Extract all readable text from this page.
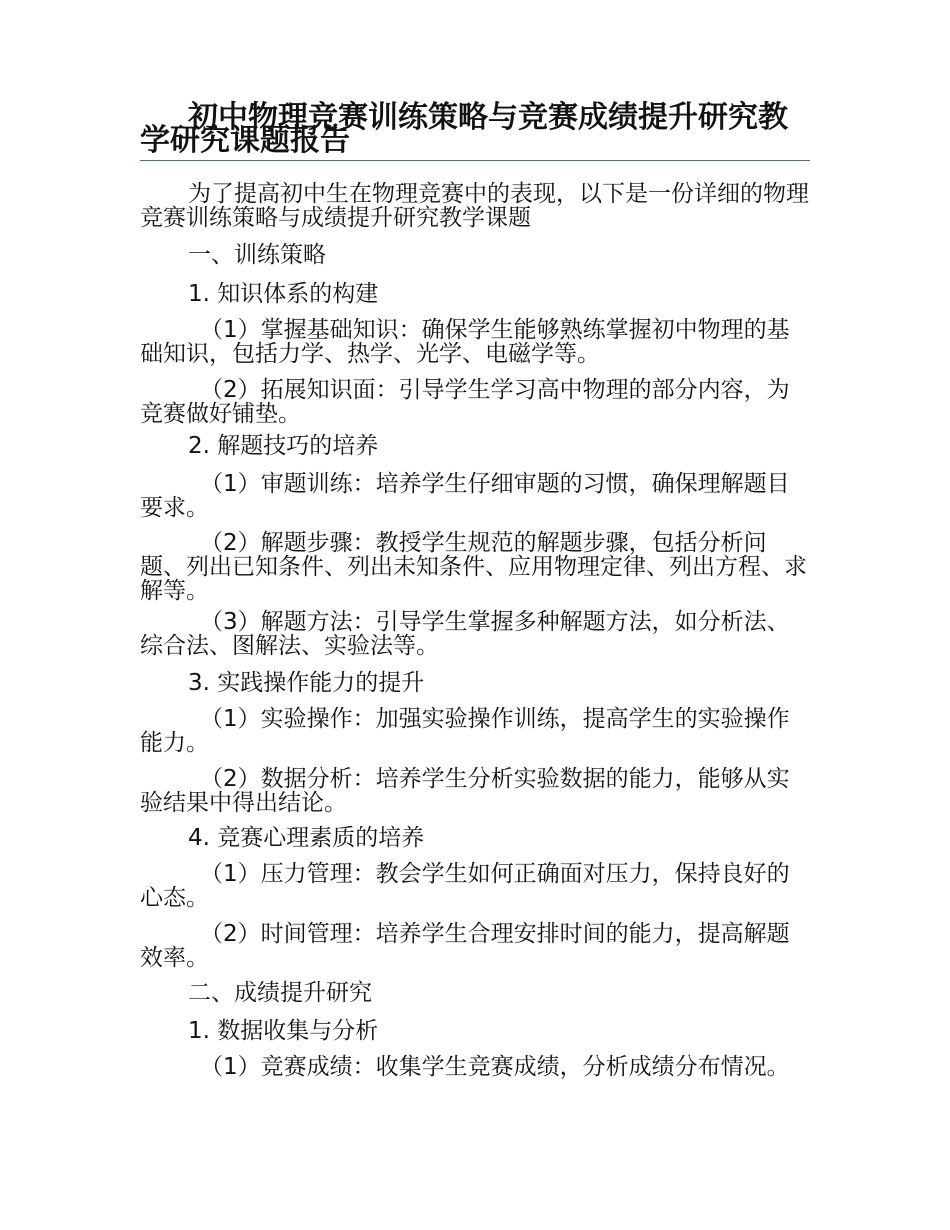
初中物理竞赛训练策略与竞赛成绩提升研究教学研究课题报告
为了提高初中生在物理竞赛中的表现，以下是一份详细的物理竞赛训练策略与成绩提升研究教学课题
一、训练策略
1. 知识体系的构建
（1）掌握基础知识：确保学生能够熟练掌握初中物理的基础知识，包括力学、热学、光学、电磁学等。
（2）拓展知识面：引导学生学习高中物理的部分内容，为竞赛做好铺垫。
2. 解题技巧的培养
（1）审题训练：培养学生仔细审题的习惯，确保理解题目要求。
（2）解题步骤：教授学生规范的解题步骤，包括分析问题、列出已知条件、列出未知条件、应用物理定律、列出方程、求解等。
（3）解题方法：引导学生掌握多种解题方法，如分析法、综合法、图解法、实验法等。
3. 实践操作能力的提升
（1）实验操作：加强实验操作训练，提高学生的实验操作能力。
（2）数据分析：培养学生分析实验数据的能力，能够从实验结果中得出结论。
4. 竞赛心理素质的培养
（1）压力管理：教会学生如何正确面对压力，保持良好的心态。
（2）时间管理：培养学生合理安排时间的能力，提高解题效率。
二、成绩提升研究
1. 数据收集与分析
（1）竞赛成绩：收集学生竞赛成绩，分析成绩分布情况。
